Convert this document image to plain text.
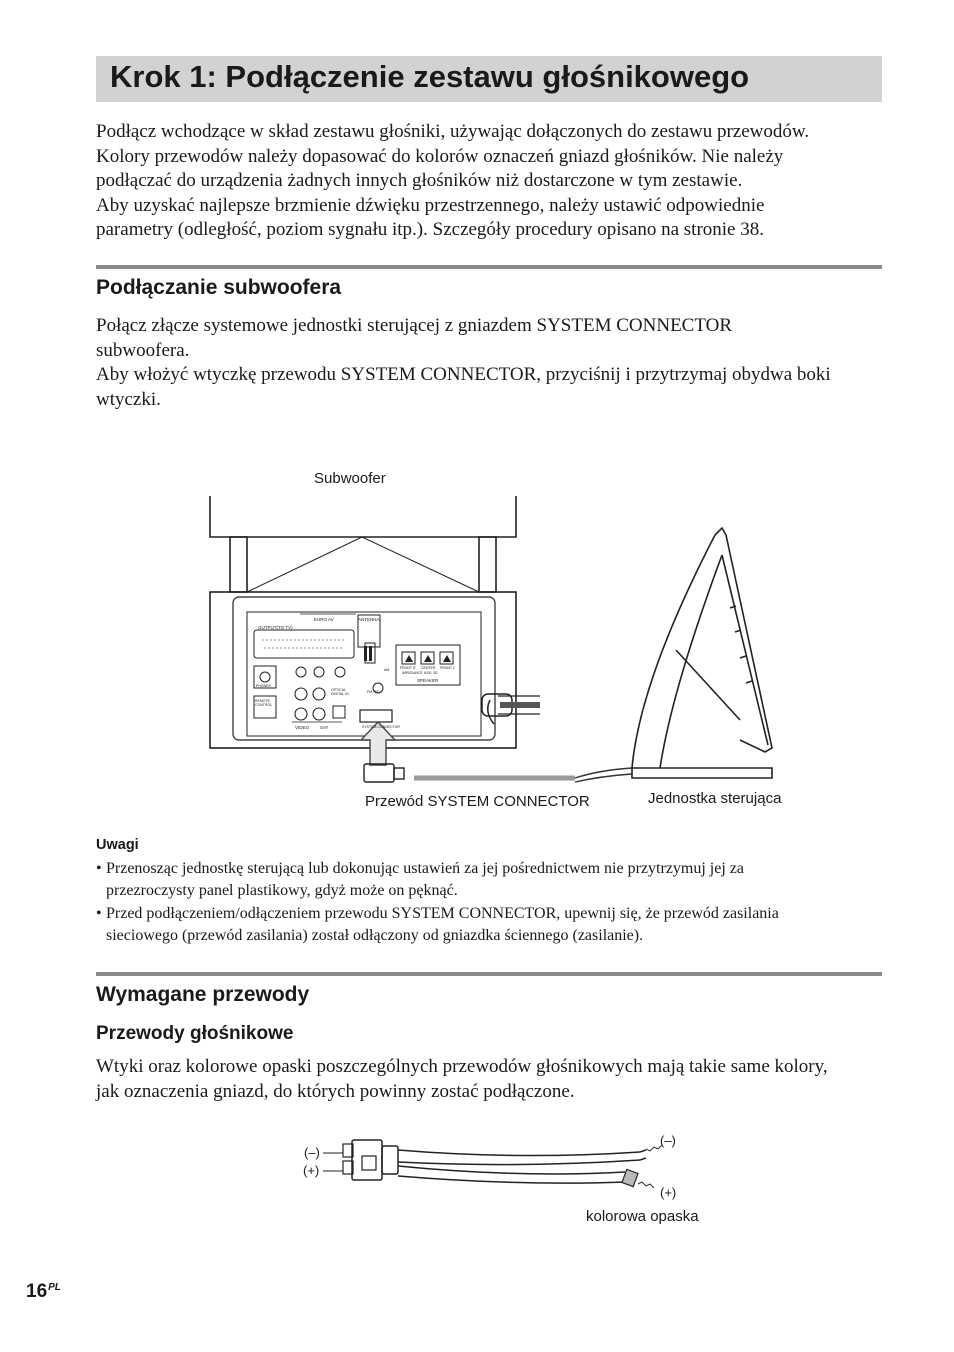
Krok 1: Podłączenie zestawu głośnikowego
Podłącz wchodzące w skład zestawu głośniki, używając dołączonych do zestawu przewodów.
Kolory przewodów należy dopasować do kolorów oznaczeń gniazd głośników. Nie należy
podłączać do urządzenia żadnych innych głośników niż dostarczone w tym zestawie.
Aby uzyskać najlepsze brzmienie dźwięku przestrzennego, należy ustawić odpowiednie
parametry (odległość, poziom sygnału itp.). Szczegóły procedury opisano na stronie 38.
Podłączanie subwoofera
Połącz złącze systemowe jednostki sterującej z gniazdem SYSTEM CONNECTOR
subwoofera.
Aby włożyć wtyczkę przewodu SYSTEM CONNECTOR, przyciśnij i przytrzymaj obydwa boki
wtyczki.
Subwoofer
Przewód SYSTEM CONNECTOR	Jednostka sterująca
EURO AV
OUTPUT(TO TV)
ANTENNA
SPEAKER
IMPEDANCE USE: 3Ω
FRONT R CENTER FRONT L
PHONES
REMOTE CONTROL
VIDEO SAT
OPTICAL DIGITAL IN
SYSTEM CONNECTOR
FM 75Ω
AM
Uwagi
• Przenosząc jednostkę sterującą lub dokonując ustawień za jej pośrednictwem nie przytrzymuj jej za
przezroczysty panel plastikowy, gdyż może on pęknąć.
• Przed podłączeniem/odłączeniem przewodu SYSTEM CONNECTOR, upewnij się, że przewód zasilania
sieciowego (przewód zasilania) został odłączony od gniazdka ściennego (zasilanie).
Wymagane przewody
Przewody głośnikowe
Wtyki oraz kolorowe opaski poszczególnych przewodów głośnikowych mają takie same kolory,
jak oznaczenia gniazd, do których powinny zostać podłączone.
(–)
(+)
(–)
(+)
kolorowa opaska
$16^{PL}$
